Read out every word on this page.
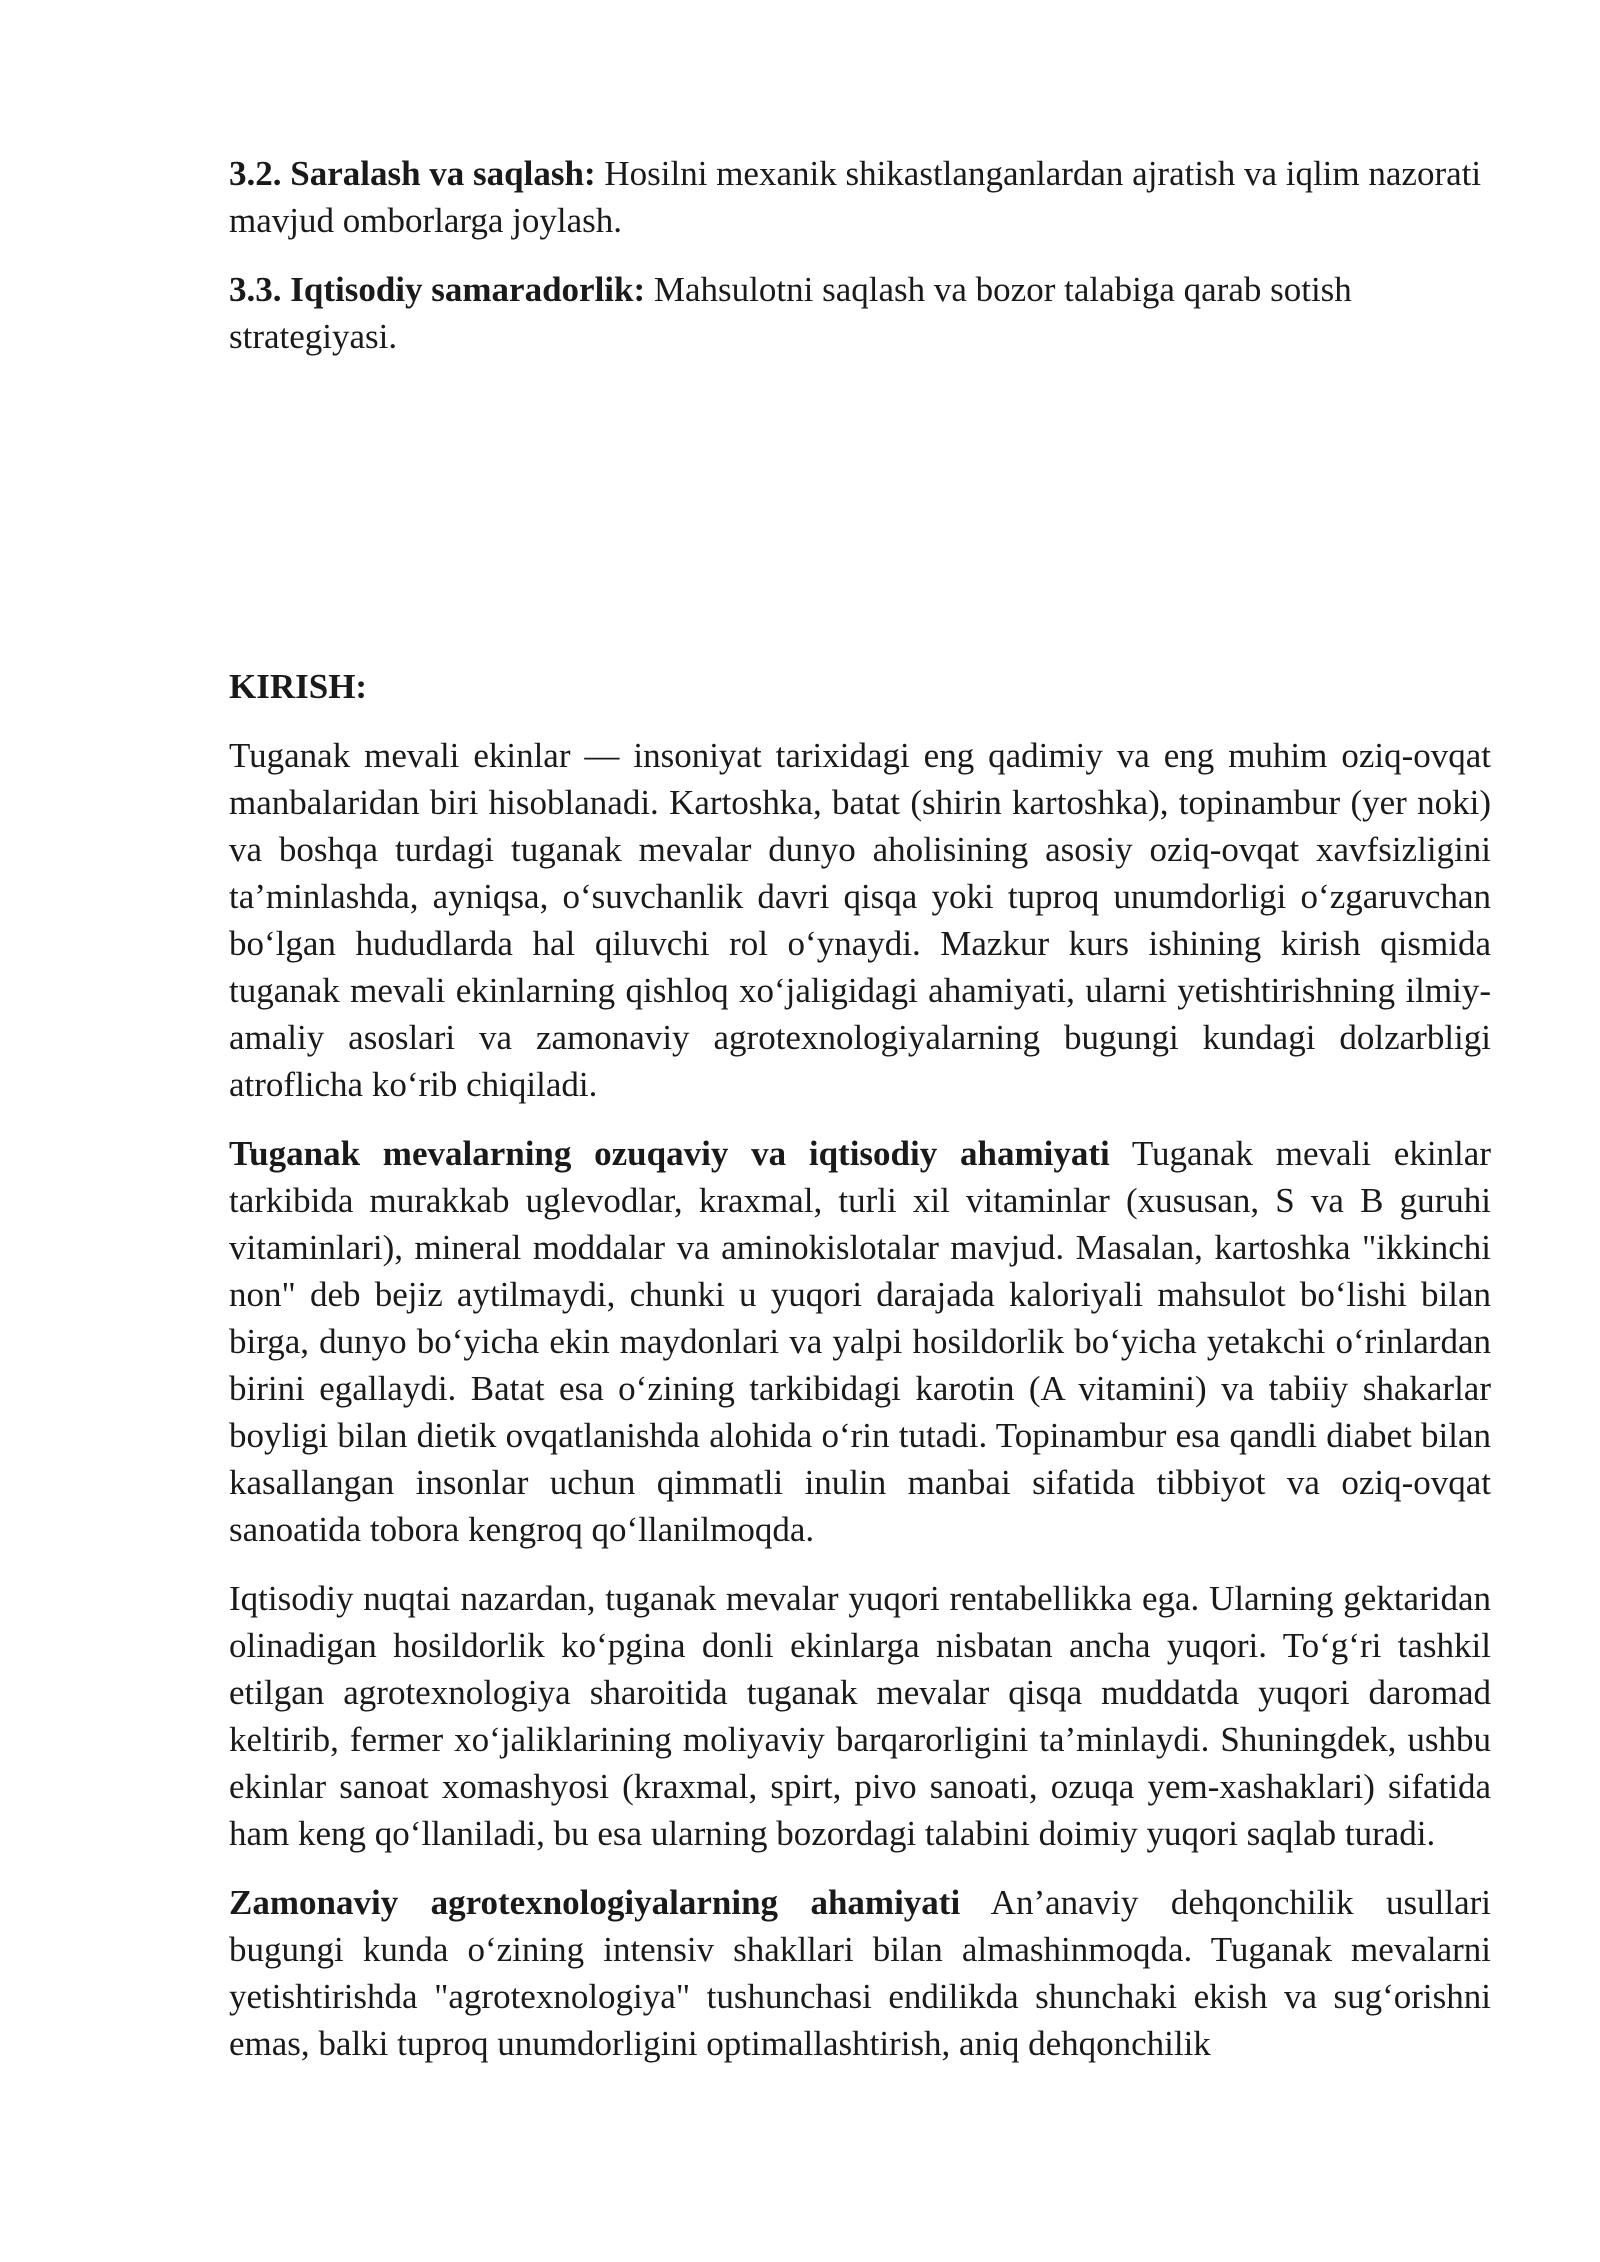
3.2. Saralash va saqlash: Hosilni mexanik shikastlanganlardan ajratish va iqlim nazorati mavjud omborlarga joylash.

3.3. Iqtisodiy samaradorlik: Mahsulotni saqlash va bozor talabiga qarab sotish strategiyasi.

KIRISH:

Tuganak mevali ekinlar — insoniyat tarixidagi eng qadimiy va eng muhim oziq-ovqat manbalaridan biri hisoblanadi. Kartoshka, batat (shirin kartoshka), topinambur (yer noki) va boshqa turdagi tuganak mevalar dunyo aholisining asosiy oziq-ovqat xavfsizligini ta’minlashda, ayniqsa, o‘suvchanlik davri qisqa yoki tuproq unumdorligi o‘zgaruvchan bo‘lgan hududlarda hal qiluvchi rol o‘ynaydi. Mazkur kurs ishining kirish qismida tuganak mevali ekinlarning qishloq xo‘jaligidagi ahamiyati, ularni yetishtirishning ilmiy-amaliy asoslari va zamonaviy agrotexnologiyalarning bugungi kundagi dolzarbligi atroflicha ko‘rib chiqiladi.

Tuganak mevalarning ozuqaviy va iqtisodiy ahamiyati Tuganak mevali ekinlar tarkibida murakkab uglevodlar, kraxmal, turli xil vitaminlar (xususan, S va B guruhi vitaminlari), mineral moddalar va aminokislotalar mavjud. Masalan, kartoshka "ikkinchi non" deb bejiz aytilmaydi, chunki u yuqori darajada kaloriyali mahsulot bo‘lishi bilan birga, dunyo bo‘yicha ekin maydonlari va yalpi hosildorlik bo‘yicha yetakchi o‘rinlardan birini egallaydi. Batat esa o‘zining tarkibidagi karotin (A vitamini) va tabiiy shakarlar boyligi bilan dietik ovqatlanishda alohida o‘rin tutadi. Topinambur esa qandli diabet bilan kasallangan insonlar uchun qimmatli inulin manbai sifatida tibbiyot va oziq-ovqat sanoatida tobora kengroq qo‘llanilmoqda.

Iqtisodiy nuqtai nazardan, tuganak mevalar yuqori rentabellikka ega. Ularning gektaridan olinadigan hosildorlik ko‘pgina donli ekinlarga nisbatan ancha yuqori. To‘g‘ri tashkil etilgan agrotexnologiya sharoitida tuganak mevalar qisqa muddatda yuqori daromad keltirib, fermer xo‘jaliklarining moliyaviy barqarorligini ta’minlaydi. Shuningdek, ushbu ekinlar sanoat xomashyosi (kraxmal, spirt, pivo sanoati, ozuqa yem-xashaklari) sifatida ham keng qo‘llaniladi, bu esa ularning bozordagi talabini doimiy yuqori saqlab turadi.

Zamonaviy agrotexnologiyalarning ahamiyati An’anaviy dehqonchilik usullari bugungi kunda o‘zining intensiv shakllari bilan almashinmoqda. Tuganak mevalarni yetishtirishda "agrotexnologiya" tushunchasi endilikda shunchaki ekish va sug‘orishni emas, balki tuproq unumdorligini optimallashtirish, aniq dehqonchilik
